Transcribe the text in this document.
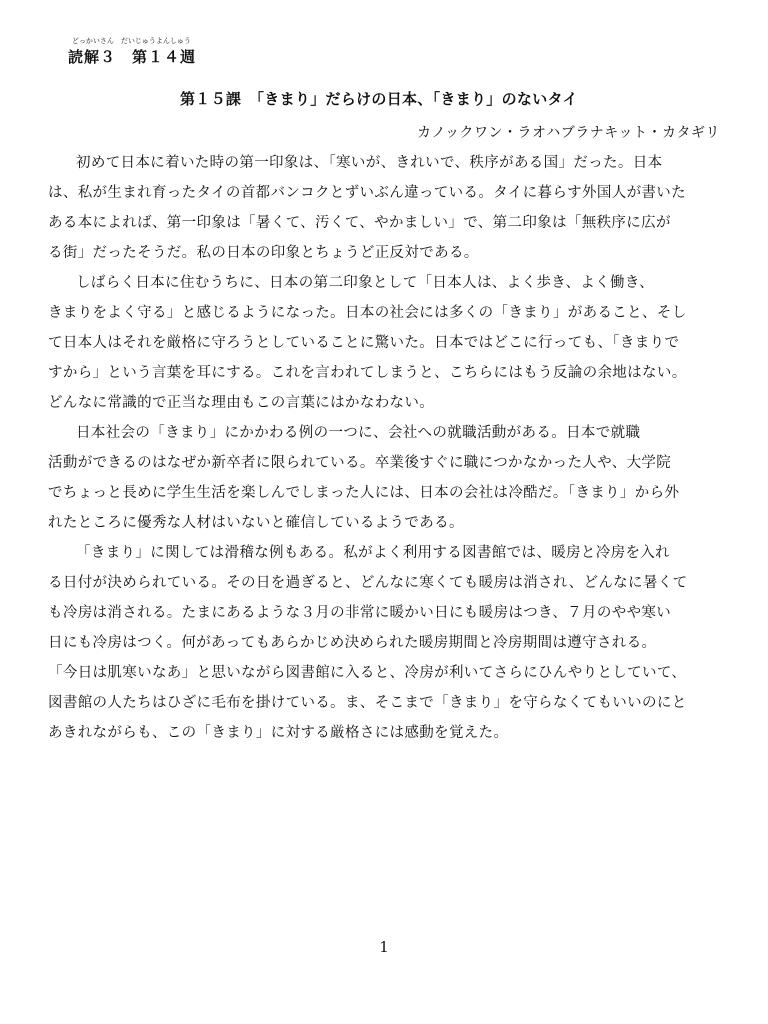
どっかいさん　だいじゅうよんしゅう
読解３　第１４週
第１５課　「きまり」だらけの日本、「きまり」のないタイ
カノックワン・ラオハブラナキット・カタギリ
初めて日本に着いた時の第一印象は、「寒いが、きれいで、秩序がある国」だった。日本
は、私が生まれ育ったタイの首都バンコクとずいぶん違っている。タイに暮らす外国人が書いた
ある本によれば、第一印象は「暑くて、汚くて、やかましい」で、第二印象は「無秩序に広が
る街」だったそうだ。私の日本の印象とちょうど正反対である。
しばらく日本に住むうちに、日本の第二印象として「日本人は、よく歩き、よく働き、
きまりをよく守る」と感じるようになった。日本の社会には多くの「きまり」があること、そし
て日本人はそれを厳格に守ろうとしていることに驚いた。日本ではどこに行っても、「きまりで
すから」という言葉を耳にする。これを言われてしまうと、こちらにはもう反論の余地はない。
どんなに常識的で正当な理由もこの言葉にはかなわない。
日本社会の「きまり」にかかわる例の一つに、会社への就職活動がある。日本で就職
活動ができるのはなぜか新卒者に限られている。卒業後すぐに職につかなかった人や、大学院
でちょっと長めに学生生活を楽しんでしまった人には、日本の会社は冷酷だ。「きまり」から外
れたところに優秀な人材はいないと確信しているようである。
「きまり」に関しては滑稽な例もある。私がよく利用する図書館では、暖房と冷房を入れ
る日付が決められている。その日を過ぎると、どんなに寒くても暖房は消され、どんなに暑くて
も冷房は消される。たまにあるような３月の非常に暖かい日にも暖房はつき、７月のやや寒い
日にも冷房はつく。何があってもあらかじめ決められた暖房期間と冷房期間は遵守される。
「今日は肌寒いなあ」と思いながら図書館に入ると、冷房が利いてさらにひんやりとしていて、
図書館の人たちはひざに毛布を掛けている。ま、そこまで「きまり」を守らなくてもいいのにと
あきれながらも、この「きまり」に対する厳格さには感動を覚えた。
1
